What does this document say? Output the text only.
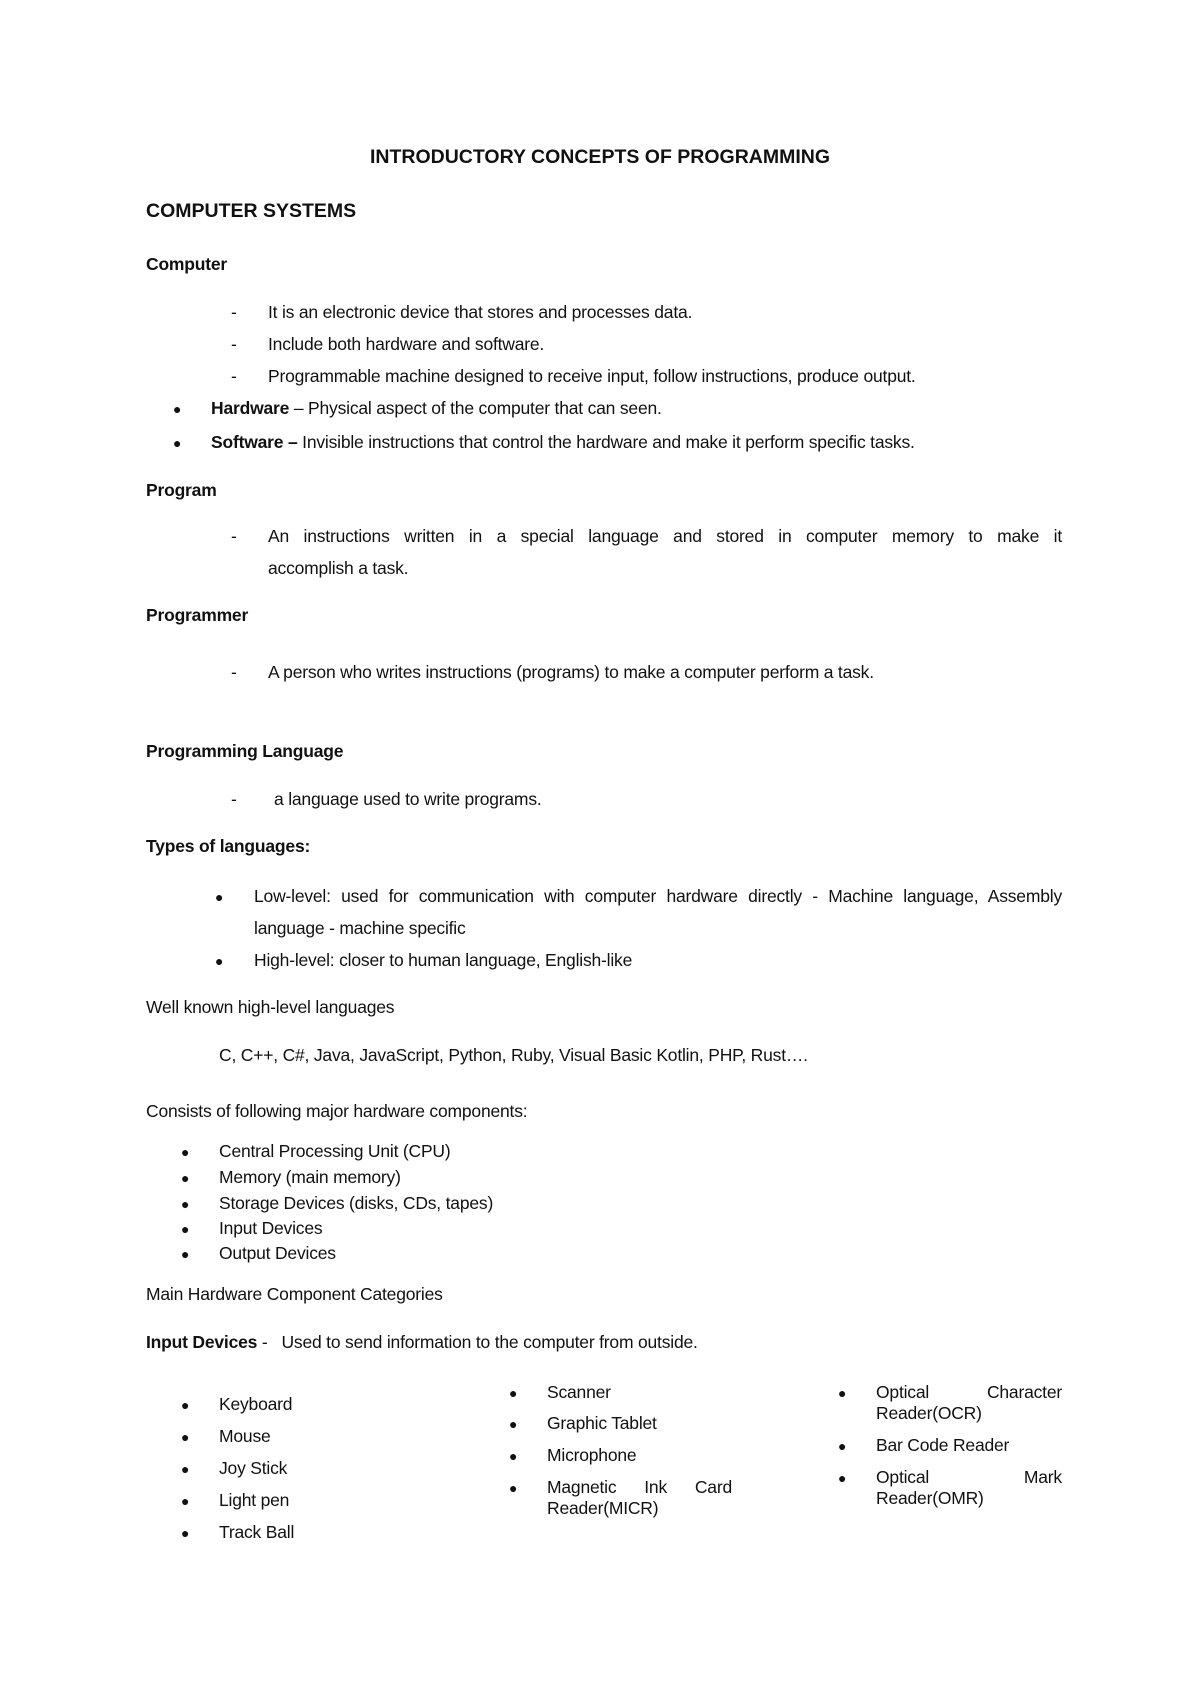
INTRODUCTORY CONCEPTS OF PROGRAMMING
COMPUTER SYSTEMS
Computer
- It is an electronic device that stores and processes data.
- Include both hardware and software.
- Programmable machine designed to receive input, follow instructions, produce output.
● Hardware – Physical aspect of the computer that can seen.
● Software – Invisible instructions that control the hardware and make it perform specific tasks.
Program
- An instructions written in a special language and stored in computer memory to make it
accomplish a task.
Programmer
- A person who writes instructions (programs) to make a computer perform a task.
Programming Language
- a language used to write programs.
Types of languages:
● Low-level: used for communication with computer hardware directly - Machine language, Assembly
language - machine specific
● High-level: closer to human language, English-like
Well known high-level languages
C, C++, C#, Java, JavaScript, Python, Ruby, Visual Basic Kotlin, PHP, Rust….
Consists of following major hardware components:
● Central Processing Unit (CPU)
● Memory (main memory)
● Storage Devices (disks, CDs, tapes)
● Input Devices
● Output Devices
Main Hardware Component Categories
Input Devices -   Used to send information to the computer from outside.
● Keyboard
● Mouse
● Joy Stick
● Light pen
● Track Ball
● Scanner
● Graphic Tablet
● Microphone
● Magnetic Ink Card
Reader(MICR)
● Optical Character
Reader(OCR)
● Bar Code Reader
● Optical Mark
Reader(OMR)
